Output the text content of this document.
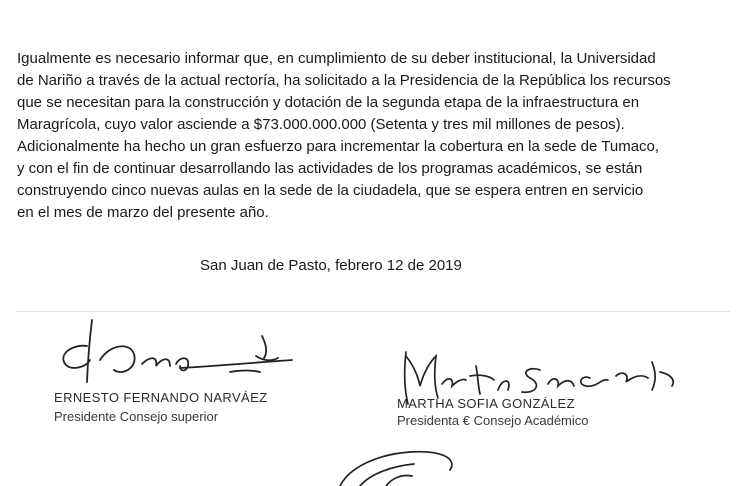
Igualmente es necesario informar que, en cumplimiento de su deber institucional, la Universidad
de Nariño a través de la actual rectoría, ha solicitado a la Presidencia de la República los recursos
que se necesitan para la construcción y dotación de la segunda etapa de la infraestructura en
Maragrícola, cuyo valor asciende a $73.000.000.000 (Setenta y tres mil millones de pesos).
Adicionalmente ha hecho un gran esfuerzo para incrementar la cobertura en la sede de Tumaco,
y con el fin de continuar desarrollando las actividades de los programas académicos, se están
construyendo cinco nuevas aulas en la sede de la ciudadela, que se espera entren en servicio
en el mes de marzo del presente año.
San Juan de Pasto, febrero 12 de 2019
ERNESTO FERNANDO NARVÁEZ
Presidente Consejo superior
MARTHA SOFIA GONZÁLEZ
Presidenta € Consejo Académico
